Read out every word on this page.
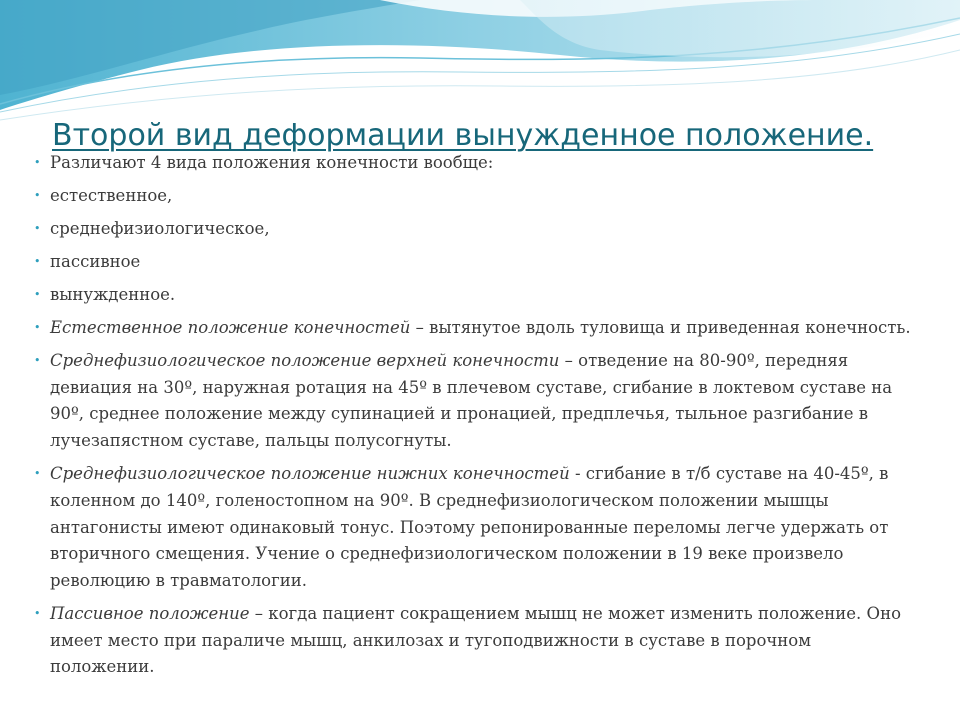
Второй вид деформации вынужденное положение.
• Различают 4 вида положения конечности вообще:
• естественное,
• среднефизиологическое,
• пассивное
• вынужденное.
• Естественное положение конечностей – вытянутое вдоль туловища и приведенная конечность.
• Среднефизиологическое положение верхней конечности – отведение на 80-90º, передняя девиация на 30º, наружная ротация на 45º в плечевом суставе, сгибание в локтевом суставе на 90º, среднее положение между супинацией и пронацией, предплечья, тыльное разгибание в лучезапястном суставе, пальцы полусогнуты.
• Среднефизиологическое положение нижних конечностей - сгибание в т/б суставе на 40-45º, в коленном до 140º, голеностопном на 90º. В среднефизиологическом положении мышцы антагонисты имеют одинаковый тонус. Поэтому репонированные переломы легче удержать от вторичного смещения. Учение о среднефизиологическом положении в 19 веке произвело революцию в травматологии.
• Пассивное положение – когда пациент сокращением мышц не может изменить положение. Оно имеет место при параличе мышц, анкилозах и тугоподвижности в суставе в порочном положении.
